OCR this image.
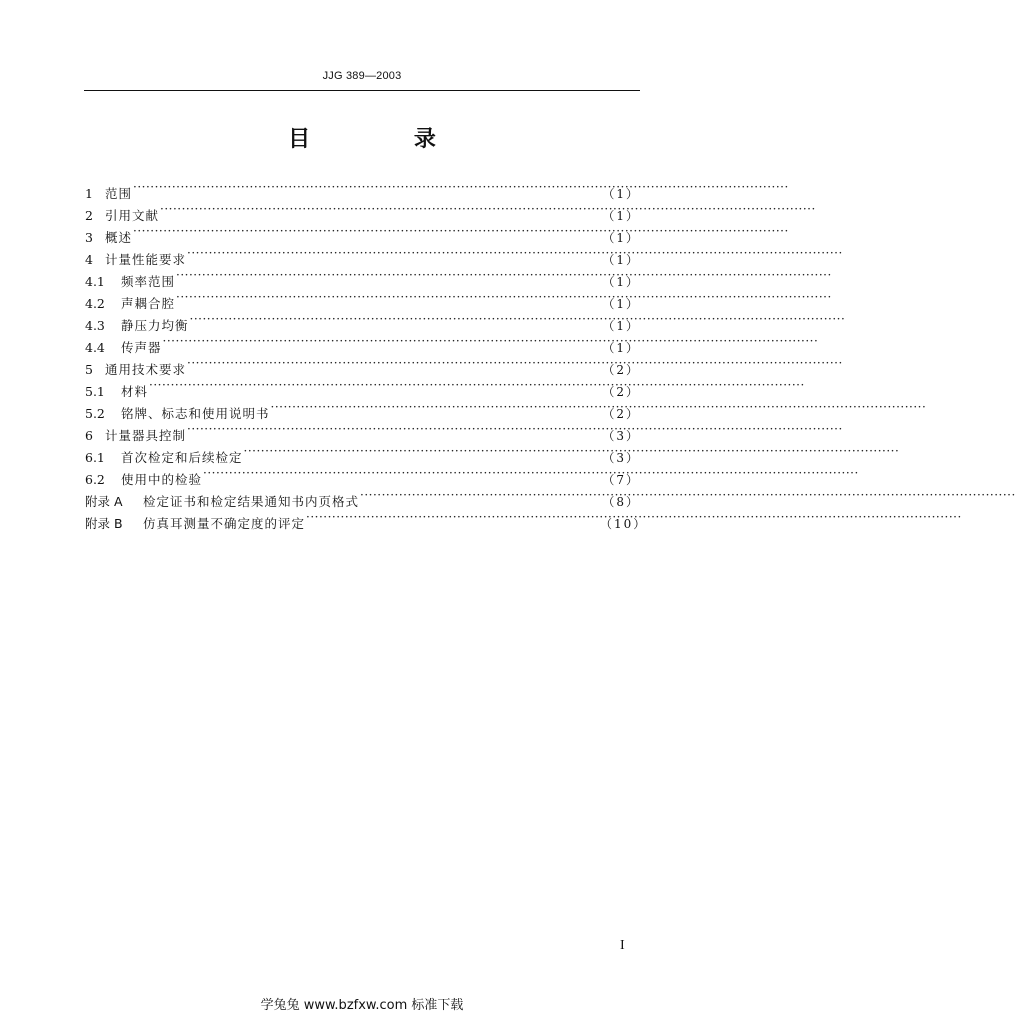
JJG 389—2003
目 录
1 范围 ·····	（1）
2 引用文献 ·····	（1）
3 概述 ·····	（1）
4 计量性能要求 ·····	（1）
4.1	频率范围 ·····	（1）
4.2	声耦合腔 ·····	（1）
4.3	静压力均衡 ·····	（1）
4.4	传声器 ·····	（1）
5 通用技术要求 ·····	（2）
5.1	材料 ·····	（2）
5.2	铭牌、标志和使用说明书 ·····	（2）
6 计量器具控制 ·····	（3）
6.1	首次检定和后续检定 ·····	（3）
6.2	使用中的检验 ·····	（7）
附录 A	检定证书和检定结果通知书内页格式 ·····	（8）
附录 B	仿真耳测量不确定度的评定 ·····	（10）
I
学兔兔 www.bzfxw.com 标准下载
